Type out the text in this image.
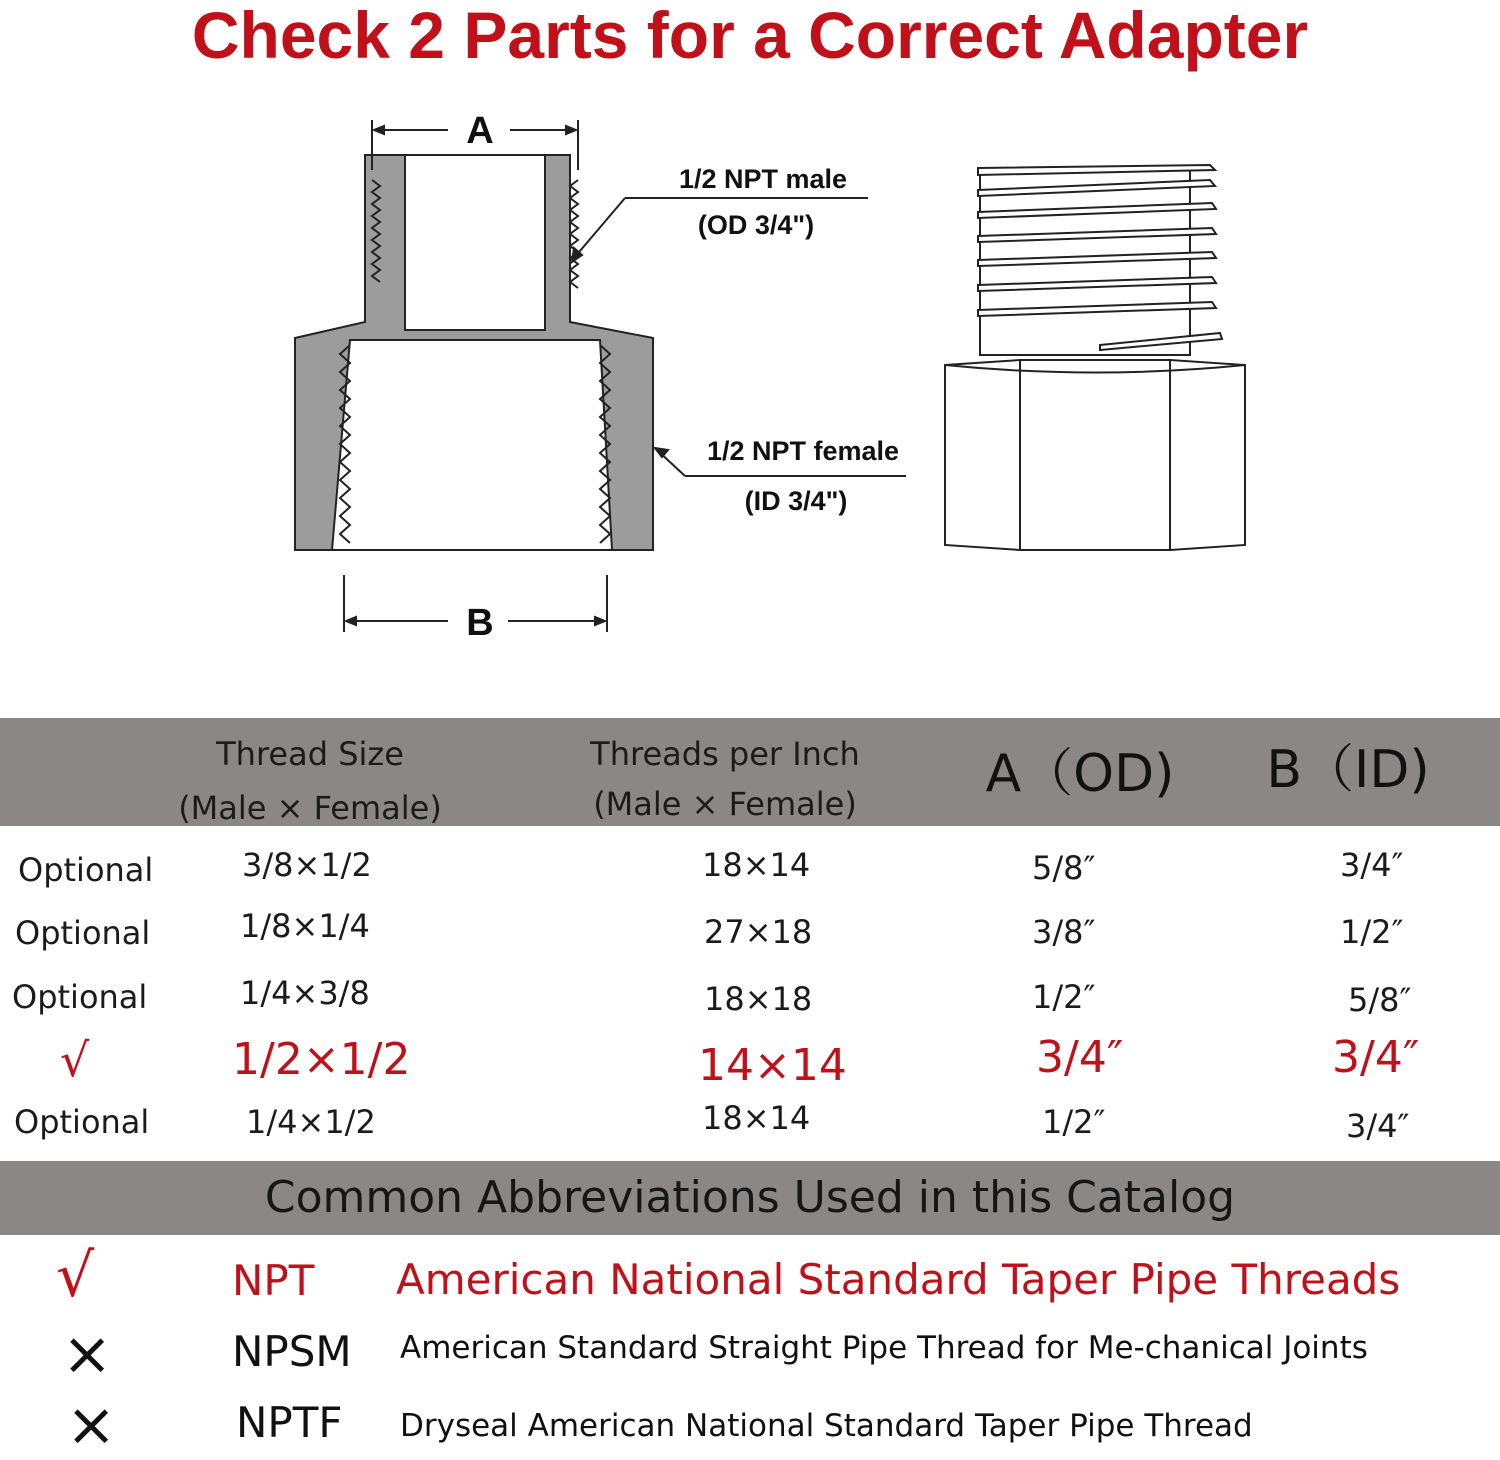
Check 2 Parts for a Correct Adapter
A
B
1/2 NPT male
(OD 3/4")
1/2 NPT female
(ID 3/4")
Thread Size
(Male × Female)
Threads per Inch
(Male × Female)	A（OD)	B（ID)
Optional	3/8×1/2	18×14	5/8″	3/4″
Optional	1/8×1/4	27×18	3/8″	1/2″
Optional	1/4×3/8	18×18	1/2″	5/8″
√	1/2×1/2	14×14	3/4″	3/4″
Optional	1/4×1/2	18×14	1/2″	3/4″
Common Abbreviations Used in this Catalog
√	NPT American National Standard Taper Pipe Threads
×	NPSM American Standard Straight Pipe Thread for Me-chanical Joints
×	NPTF Dryseal American National Standard Taper Pipe Thread
